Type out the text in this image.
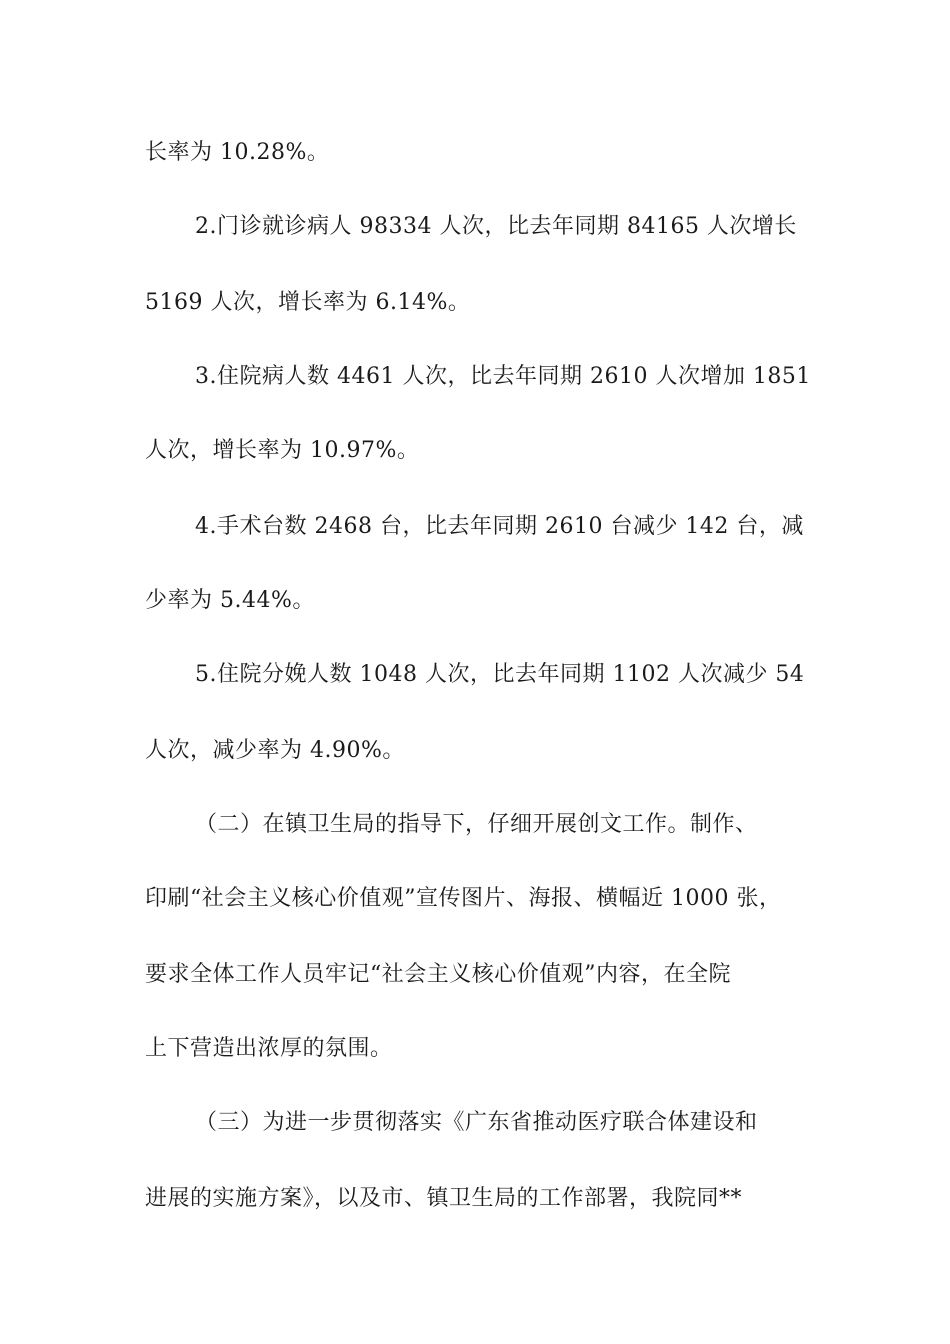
长率为 10.28%。
2.门诊就诊病人 98334 人次，比去年同期 84165 人次增长
5169 人次，增长率为 6.14%。
3.住院病人数 4461 人次，比去年同期 2610 人次增加 1851
人次，增长率为 10.97%。
4.手术台数 2468 台，比去年同期 2610 台减少 142 台，减
少率为 5.44%。
5.住院分娩人数 1048 人次，比去年同期 1102 人次减少 54
人次，减少率为 4.90%。
（二）在镇卫生局的指导下，仔细开展创文工作。制作、
印刷“社会主义核心价值观”宣传图片、海报、横幅近 1000 张，
要求全体工作人员牢记“社会主义核心价值观”内容，在全院
上下营造出浓厚的氛围。
（三）为进一步贯彻落实《广东省推动医疗联合体建设和
进展的实施方案》，以及市、镇卫生局的工作部署，我院同**
